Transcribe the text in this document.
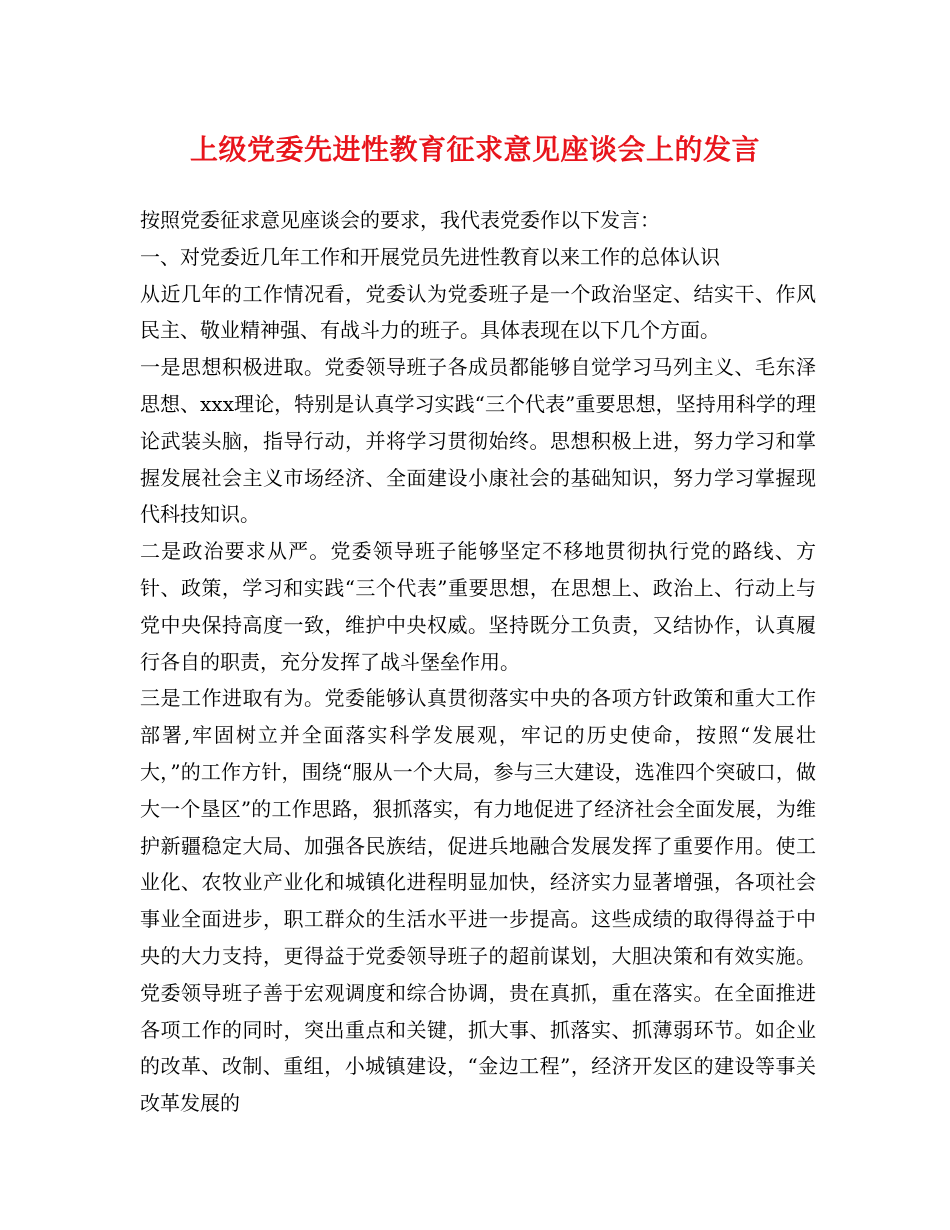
上级党委先进性教育征求意见座谈会上的发言

按照党委征求意见座谈会的要求，我代表党委作以下发言：

一、对党委近几年工作和开展党员先进性教育以来工作的总体认识

从近几年的工作情况看，党委认为党委班子是一个政治坚定、结实干、作风民主、敬业精神强、有战斗力的班子。具体表现在以下几个方面。

一是思想积极进取。党委领导班子各成员都能够自觉学习马列主义、毛东泽思想、xxx理论，特别是认真学习实践“三个代表”重要思想，坚持用科学的理论武装头脑，指导行动，并将学习贯彻始终。思想积极上进，努力学习和掌握发展社会主义市场经济、全面建设小康社会的基础知识，努力学习掌握现代科技知识。

二是政治要求从严。党委领导班子能够坚定不移地贯彻执行党的路线、方针、政策，学习和实践“三个代表”重要思想，在思想上、政治上、行动上与党中央保持高度一致，维护中央权威。坚持既分工负责，又结协作，认真履行各自的职责，充分发挥了战斗堡垒作用。

三是工作进取有为。党委能够认真贯彻落实中央的各项方针政策和重大工作部署,牢固树立并全面落实科学发展观，牢记的历史使命，按照“发展壮大，”的工作方针，围绕“服从一个大局，参与三大建设，选准四个突破口，做大一个垦区”的工作思路，狠抓落实，有力地促进了经济社会全面发展，为维护新疆稳定大局、加强各民族结，促进兵地融合发展发挥了重要作用。使工业化、农牧业产业化和城镇化进程明显加快，经济实力显著增强，各项社会事业全面进步，职工群众的生活水平进一步提高。这些成绩的取得得益于中央的大力支持，更得益于党委领导班子的超前谋划，大胆决策和有效实施。党委领导班子善于宏观调度和综合协调，贵在真抓，重在落实。在全面推进各项工作的同时，突出重点和关键，抓大事、抓落实、抓薄弱环节。如企业的改革、改制、重组，小城镇建设，“金边工程”，经济开发区的建设等事关改革发展的
